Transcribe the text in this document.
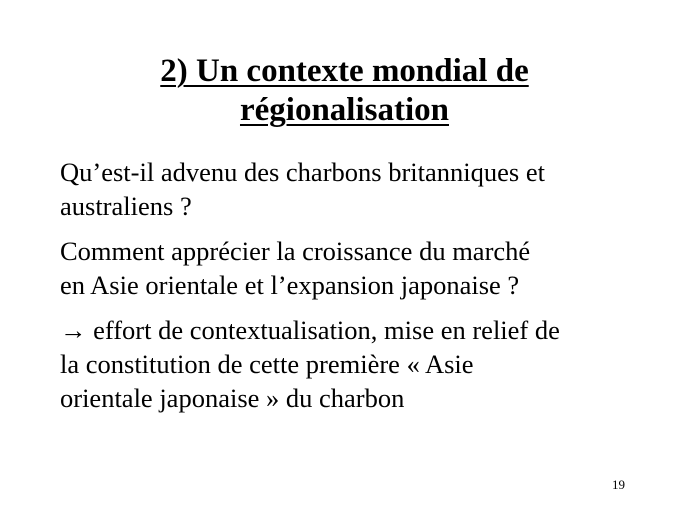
2) Un contexte mondial de
régionalisation

Qu’est-il advenu des charbons britanniques et
australiens ?

Comment apprécier la croissance du marché
en Asie orientale et l’expansion japonaise ?

→ effort de contextualisation, mise en relief de
la constitution de cette première « Asie
orientale japonaise » du charbon

19
